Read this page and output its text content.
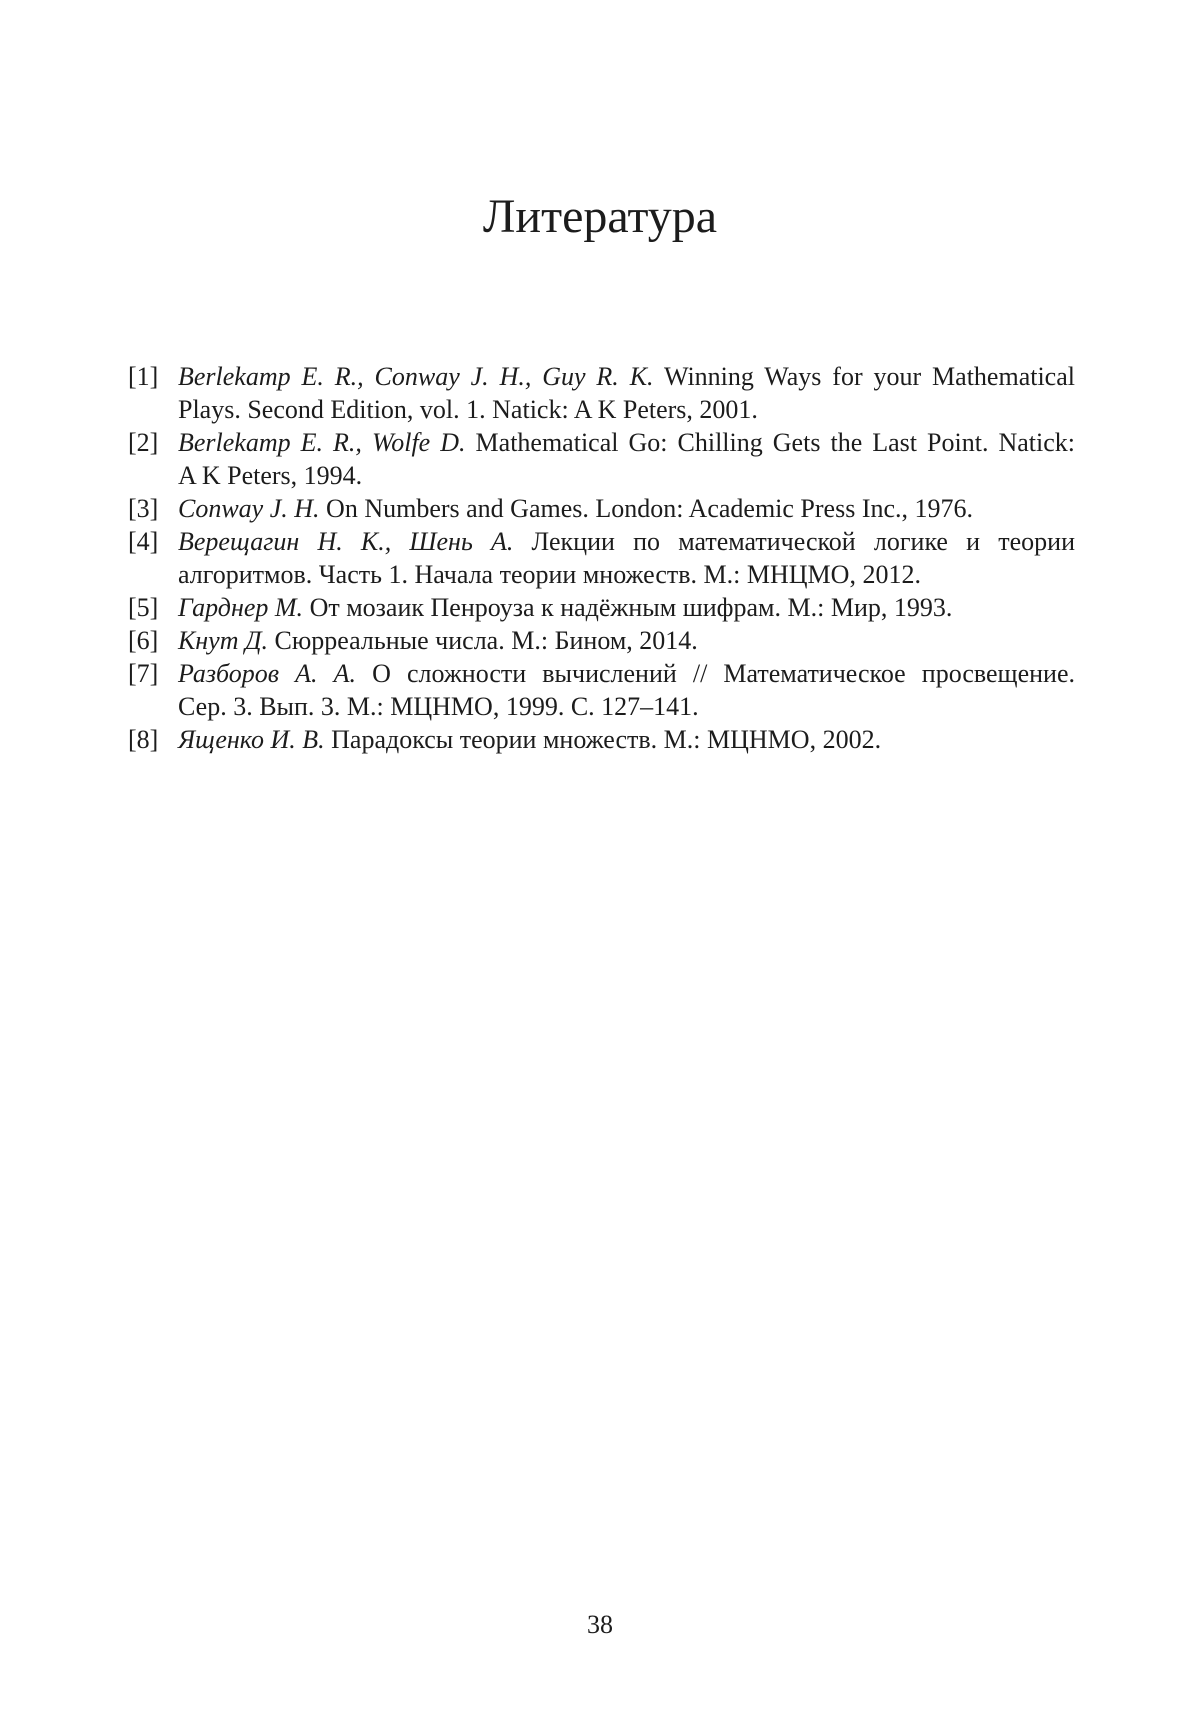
Литература
[1] Berlekamp E. R., Conway J. H., Guy R. K. Winning Ways for your Mathematical
Plays. Second Edition, vol. 1. Natick: A K Peters, 2001.
[2] Berlekamp E. R., Wolfe D. Mathematical Go: Chilling Gets the Last Point. Natick:
A K Peters, 1994.
[3] Conway J. H. On Numbers and Games. London: Academic Press Inc., 1976.
[4] Верещагин Н. К., Шень А. Лекции по математической логике и теории
алгоритмов. Часть 1. Начала теории множеств. М.: МНЦМО, 2012.
[5] Гарднер М. От мозаик Пенроуза к надёжным шифрам. М.: Мир, 1993.
[6] Кнут Д. Сюрреальные числа. М.: Бином, 2014.
[7] Разборов А. А. О сложности вычислений // Математическое просвещение.
Сер. 3. Вып. 3. М.: МЦНМО, 1999. С. 127–141.
[8] Ященко И. В. Парадоксы теории множеств. М.: МЦНМО, 2002.
38
